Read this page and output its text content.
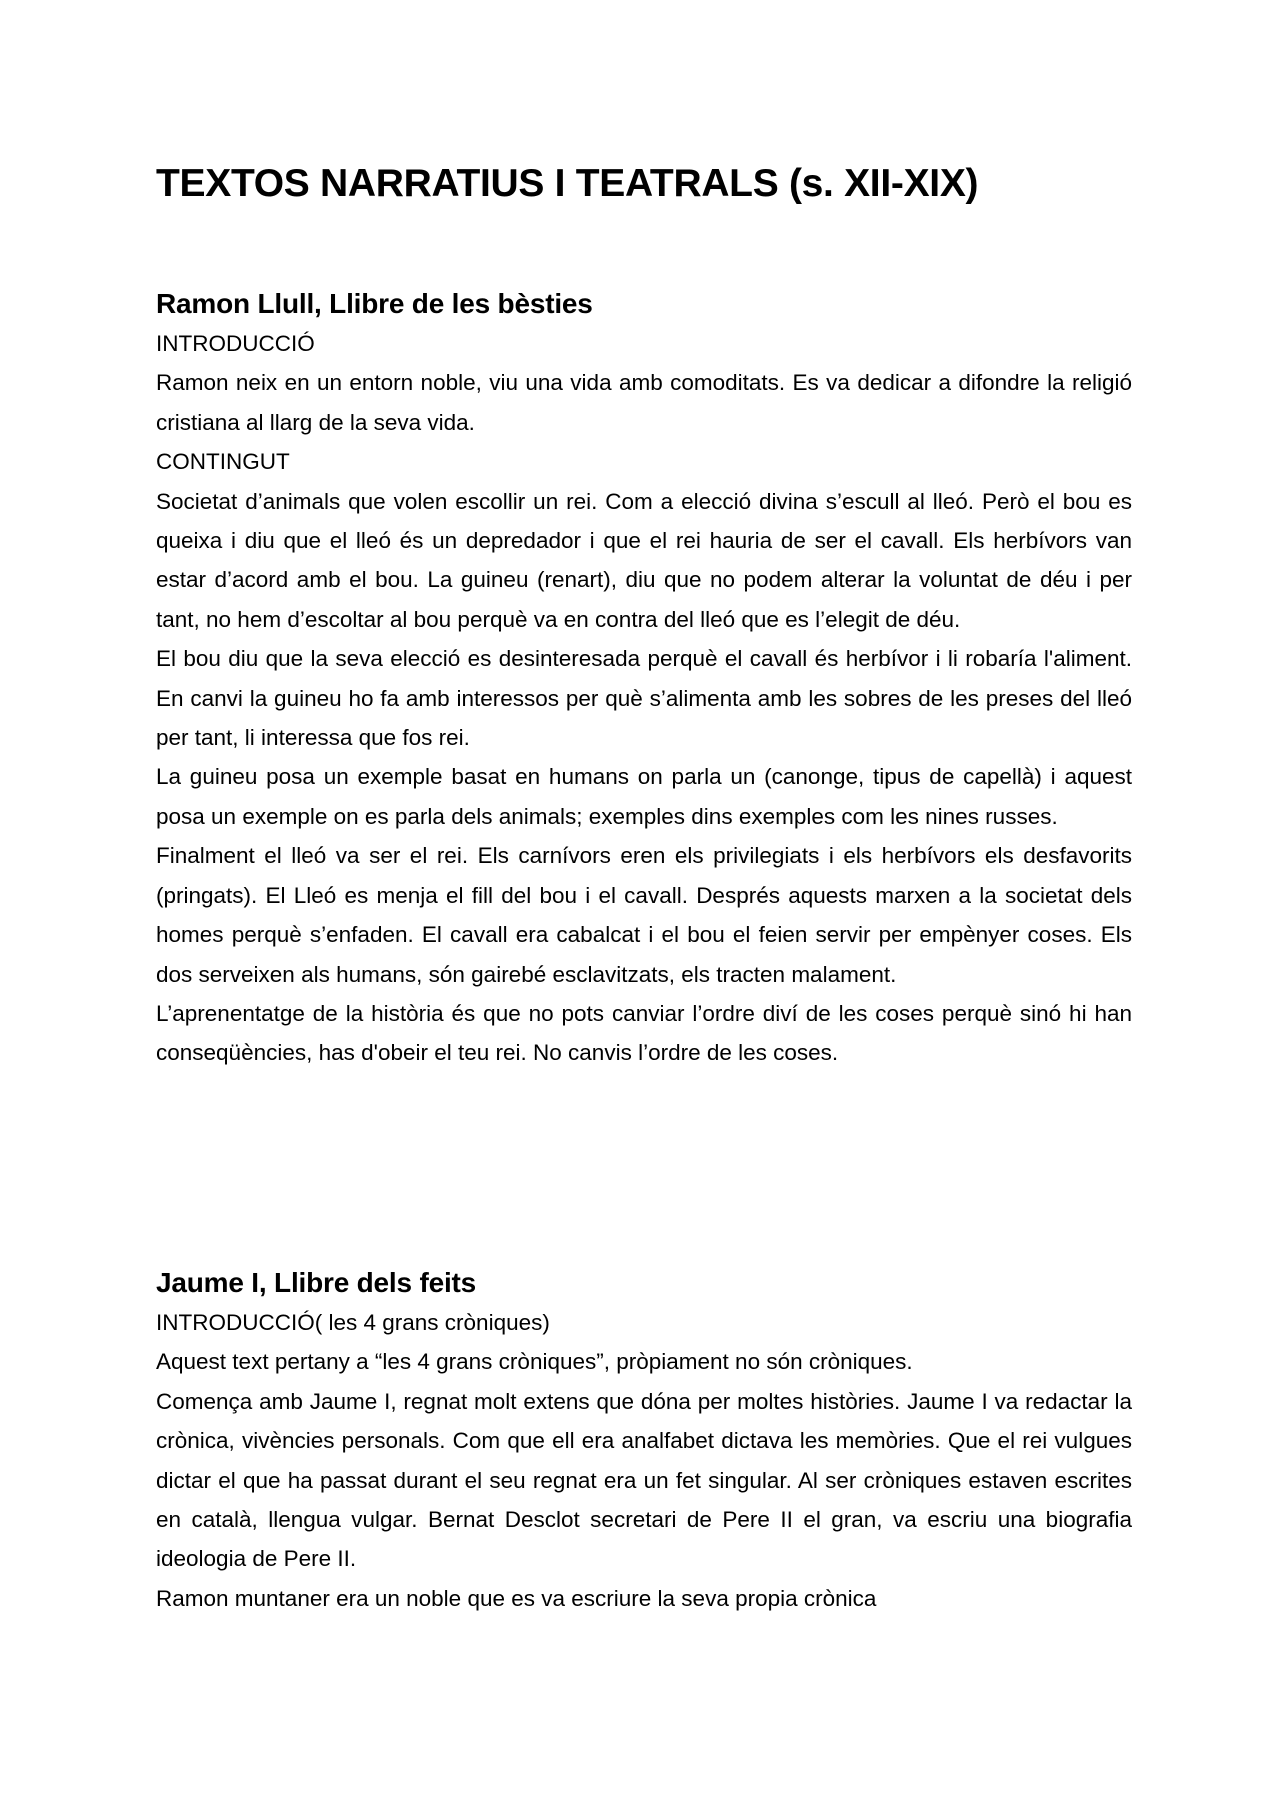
TEXTOS NARRATIUS I TEATRALS (s. XII-XIX)
Ramon Llull, Llibre de les bèsties

INTRODUCCIÓ

Ramon neix en un entorn noble, viu una vida amb comoditats. Es va dedicar a difondre la religió cristiana al llarg de la seva vida.

CONTINGUT

Societat d’animals que volen escollir un rei. Com a elecció divina s’escull al lleó. Però el bou es queixa i diu que el lleó és un depredador i que el rei hauria de ser el cavall. Els herbívors van estar d’acord amb el bou. La guineu (renart), diu que no podem alterar la voluntat de déu i per tant, no hem d’escoltar al bou perquè va en contra del lleó que es l’elegit de déu.

El bou diu que la seva elecció es desinteresada perquè el cavall és herbívor i li robaría l'aliment. En canvi la guineu ho fa amb interessos per què s’alimenta amb les sobres de les preses del lleó per tant, li interessa que fos rei.

La guineu posa un exemple basat en humans on parla un (canonge, tipus de capellà) i aquest posa un exemple on es parla dels animals; exemples dins exemples com les nines russes.

Finalment el lleó va ser el rei. Els carnívors eren els privilegiats i els herbívors els desfavorits (pringats). El Lleó es menja el fill del bou i el cavall. Després aquests marxen a la societat dels homes perquè s’enfaden. El cavall era cabalcat i el bou el feien servir per empènyer coses. Els dos serveixen als humans, són gairebé esclavitzats, els tracten malament.

L’aprenentatge de la història és que no pots canviar l’ordre diví de les coses perquè sinó hi han conseqüències, has d'obeir el teu rei. No canvis l’ordre de les coses.

Jaume I, Llibre dels feits

INTRODUCCIÓ( les 4 grans cròniques)

Aquest text pertany a “les 4 grans cròniques”, pròpiament no són cròniques.

Comença amb Jaume I, regnat molt extens que dóna per moltes històries. Jaume I va redactar la crònica, vivències personals. Com que ell era analfabet dictava les memòries. Que el rei vulgues dictar el que ha passat durant el seu regnat era un fet singular. Al ser cròniques estaven escrites en català, llengua vulgar. Bernat Desclot secretari de Pere II el gran, va escriu una biografia ideologia de Pere II.

Ramon muntaner era un noble que es va escriure la seva propia crònica
